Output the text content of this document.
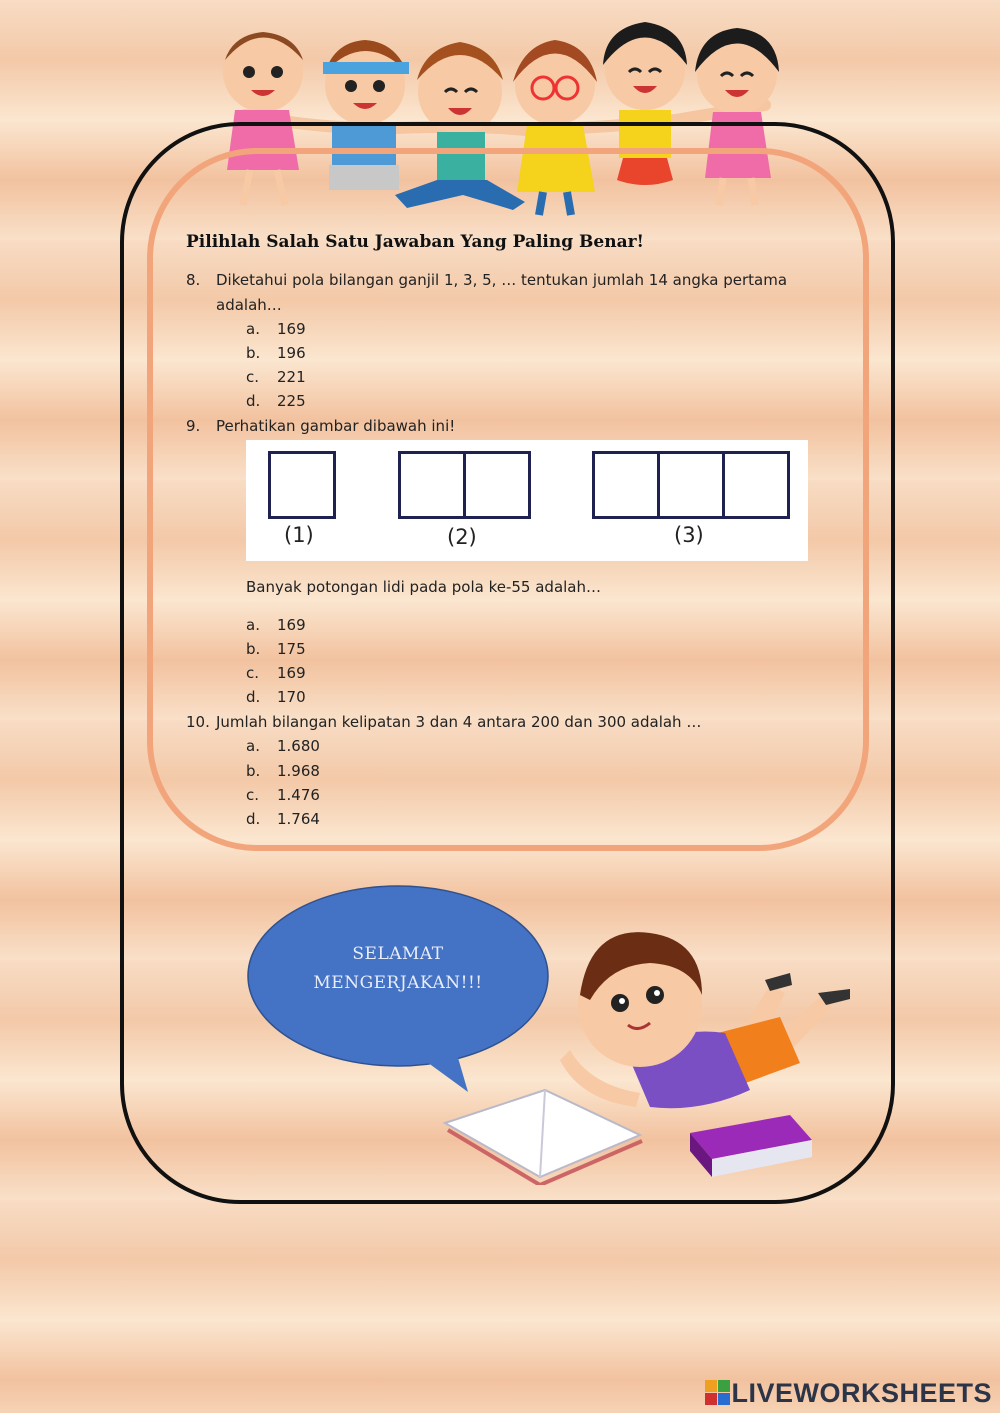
Pilihlah Salah Satu Jawaban Yang Paling Benar!
8. Diketahui pola bilangan ganjil 1, 3, 5, … tentukan jumlah 14 angka pertama
adalah…
a. 169
b. 196
c. 221
d. 225
9. Perhatikan gambar dibawah ini!
(1)	(2)	(3)
Banyak potongan lidi pada pola ke-55 adalah…
a. 169
b. 175
c. 169
d. 170
10. Jumlah bilangan kelipatan 3 dan 4 antara 200 dan 300 adalah …
a. 1.680
b. 1.968
c. 1.476
d. 1.764
SELAMAT
MENGERJAKAN!!!
LIVEWORKSHEETS
